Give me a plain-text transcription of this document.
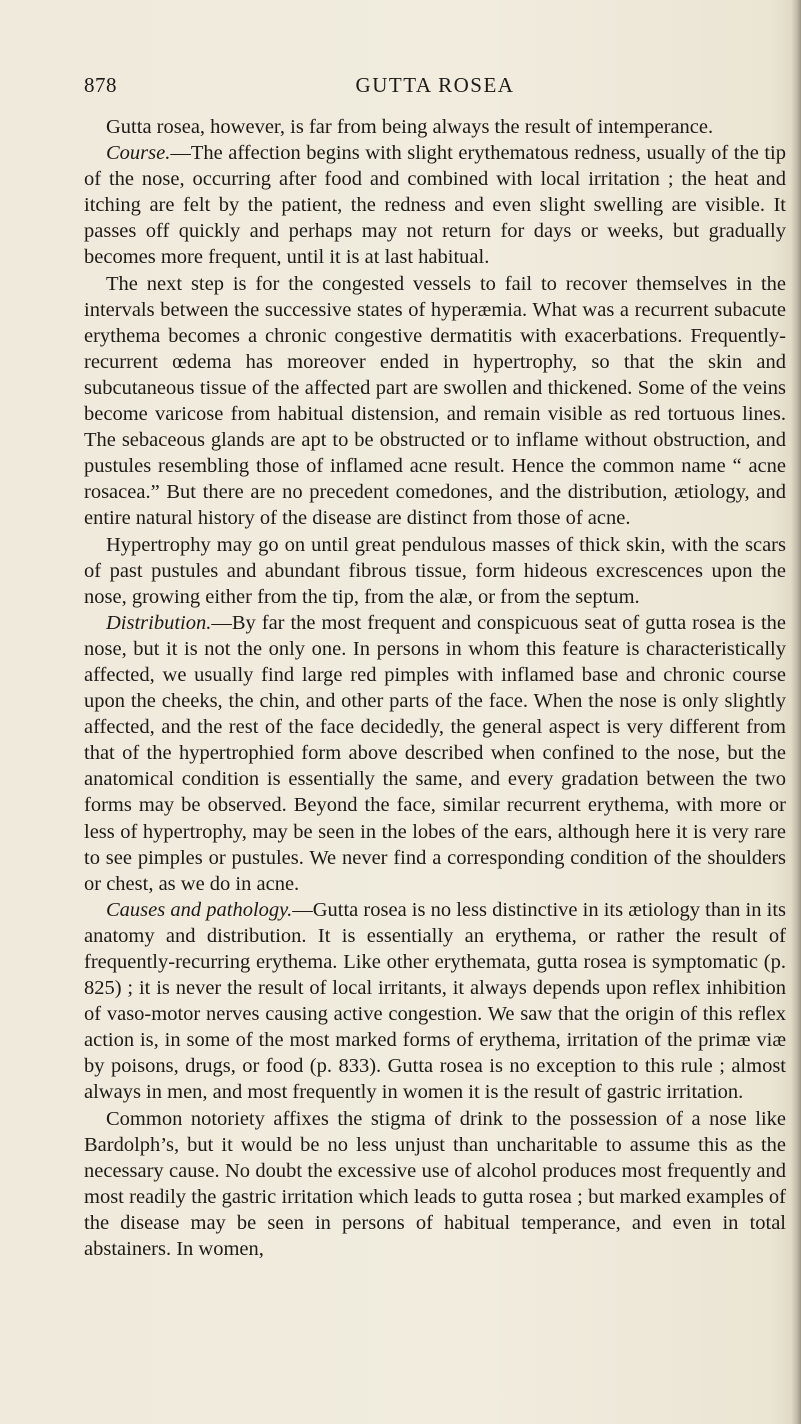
878	GUTTA ROSEA

Gutta rosea, however, is far from being always the result of intemperance.

Course.—The affection begins with slight erythematous redness, usually of the tip of the nose, occurring after food and combined with local irritation ; the heat and itching are felt by the patient, the redness and even slight swelling are visible. It passes off quickly and perhaps may not return for days or weeks, but gradually becomes more frequent, until it is at last habitual.

The next step is for the congested vessels to fail to recover themselves in the intervals between the successive states of hyperæmia. What was a recurrent subacute erythema becomes a chronic congestive dermatitis with exacerbations. Frequently-recurrent œdema has moreover ended in hypertrophy, so that the skin and subcutaneous tissue of the affected part are swollen and thickened. Some of the veins become varicose from habitual distension, and remain visible as red tortuous lines. The sebaceous glands are apt to be obstructed or to inflame without obstruction, and pustules resembling those of inflamed acne result. Hence the common name “ acne rosacea.” But there are no precedent comedones, and the distribution, ætiology, and entire natural history of the disease are distinct from those of acne.

Hypertrophy may go on until great pendulous masses of thick skin, with the scars of past pustules and abundant fibrous tissue, form hideous excrescences upon the nose, growing either from the tip, from the alæ, or from the septum.

Distribution.—By far the most frequent and conspicuous seat of gutta rosea is the nose, but it is not the only one. In persons in whom this feature is characteristically affected, we usually find large red pimples with inflamed base and chronic course upon the cheeks, the chin, and other parts of the face. When the nose is only slightly affected, and the rest of the face decidedly, the general aspect is very different from that of the hypertrophied form above described when confined to the nose, but the anatomical condition is essentially the same, and every gradation between the two forms may be observed. Beyond the face, similar recurrent erythema, with more or less of hypertrophy, may be seen in the lobes of the ears, although here it is very rare to see pimples or pustules. We never find a corresponding condition of the shoulders or chest, as we do in acne.

Causes and pathology.—Gutta rosea is no less distinctive in its ætiology than in its anatomy and distribution. It is essentially an erythema, or rather the result of frequently-recurring erythema. Like other erythemata, gutta rosea is symptomatic (p. 825) ; it is never the result of local irritants, it always depends upon reflex inhibition of vaso-motor nerves causing active congestion. We saw that the origin of this reflex action is, in some of the most marked forms of erythema, irritation of the primæ viæ by poisons, drugs, or food (p. 833). Gutta rosea is no exception to this rule ; almost always in men, and most frequently in women it is the result of gastric irritation.

Common notoriety affixes the stigma of drink to the possession of a nose like Bardolph’s, but it would be no less unjust than uncharitable to assume this as the necessary cause. No doubt the excessive use of alcohol produces most frequently and most readily the gastric irritation which leads to gutta rosea ; but marked examples of the disease may be seen in persons of habitual temperance, and even in total abstainers. In women,
